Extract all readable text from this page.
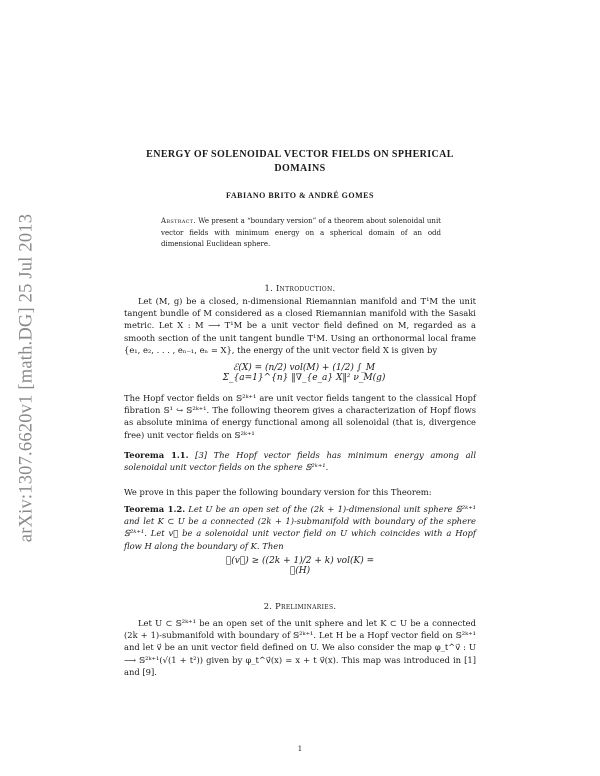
arXiv:1307.6620v1 [math.DG] 25 Jul 2013
ENERGY OF SOLENOIDAL VECTOR FIELDS ON SPHERICAL DOMAINS
FABIANO BRITO & ANDRÉ GOMES
Abstract. We present a “boundary version” of a theorem about solenoidal unit vector fields with minimum energy on a spherical domain of an odd dimensional Euclidean sphere.
1. Introduction.
Let (M, g) be a closed, n-dimensional Riemannian manifold and T¹M the unit tangent bundle of M considered as a closed Riemannian manifold with the Sasaki metric. Let X : M ⟶ T¹M be a unit vector field defined on M, regarded as a smooth section of the unit tangent bundle T¹M. Using an orthonormal local frame {e₁, e₂, . . . , eₙ₋₁, eₙ = X}, the energy of the unit vector field X is given by
ℰ(X) = (n/2) vol(M) + (1/2) ∫_M Σ_{a=1}^{n} ‖∇_{e_a} X‖² ν_M(g)
The Hopf vector fields on 𝕊²ᵏ⁺¹ are unit vector fields tangent to the classical Hopf fibration 𝕊¹ ↪ 𝕊²ᵏ⁺¹. The following theorem gives a characterization of Hopf flows as absolute minima of energy functional among all solenoidal (that is, divergence free) unit vector fields on 𝕊²ᵏ⁺¹
Teorema 1.1. [3] The Hopf vector fields has minimum energy among all solenoidal unit vector fields on the sphere 𝕊²ᵏ⁺¹.
We prove in this paper the following boundary version for this Theorem:
Teorema 1.2. Let U be an open set of the (2k + 1)-dimensional unit sphere 𝕊²ᵏ⁺¹ and let K ⊂ U be a connected (2k + 1)-submanifold with boundary of the sphere 𝕊²ᵏ⁺¹. Let v⃗ be a solenoidal unit vector field on U which coincides with a Hopf flow H along the boundary of K. Then
ℰ(v⃗) ≥ ((2k + 1)/2 + k) vol(K) = ℰ(H)
2. Preliminaries.
Let U ⊂ 𝕊²ᵏ⁺¹ be an open set of the unit sphere and let K ⊂ U be a connected (2k + 1)-submanifold with boundary of 𝕊²ᵏ⁺¹. Let H be a Hopf vector field on 𝕊²ᵏ⁺¹ and let v⃗ be an unit vector field defined on U. We also consider the map φ_t^v⃗ : U ⟶ 𝕊²ᵏ⁺¹(√(1 + t²)) given by φ_t^v⃗(x) = x + t v⃗(x). This map was introduced in [1] and [9].
1
